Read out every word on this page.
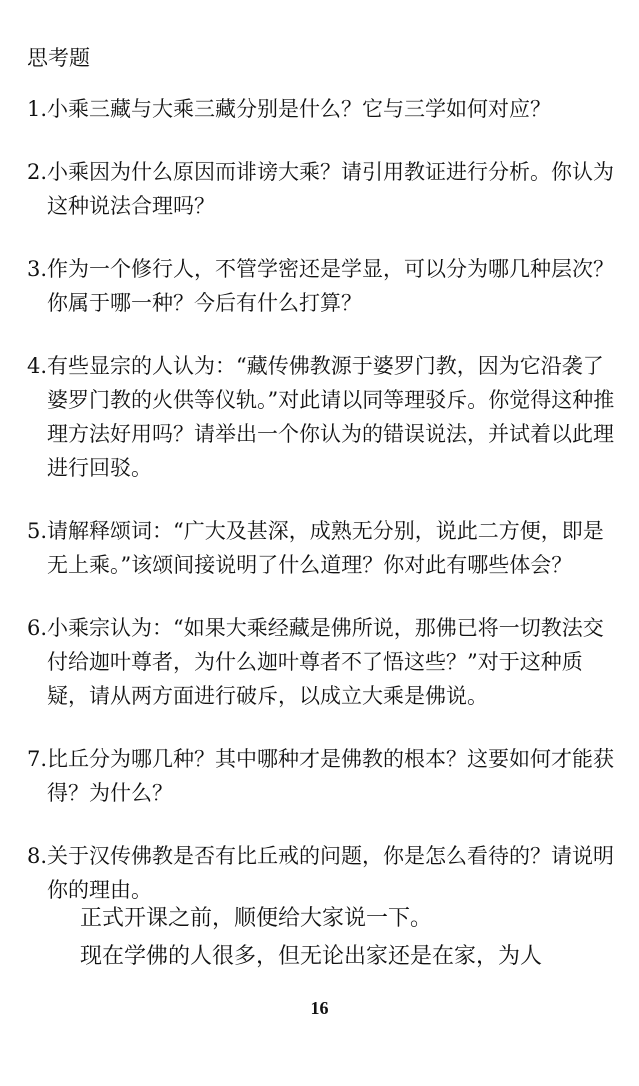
思考题
1. 小乘三藏与大乘三藏分别是什么？它与三学如何对应？
2. 小乘因为什么原因而诽谤大乘？请引用教证进行分析。你认为这种说法合理吗？
3. 作为一个修行人，不管学密还是学显，可以分为哪几种层次？你属于哪一种？今后有什么打算？
4. 有些显宗的人认为：“藏传佛教源于婆罗门教，因为它沿袭了婆罗门教的火供等仪轨。”对此请以同等理驳斥。你觉得这种推理方法好用吗？请举出一个你认为的错误说法，并试着以此理进行回驳。
5. 请解释颂词：“广大及甚深，成熟无分别，说此二方便，即是无上乘。”该颂间接说明了什么道理？你对此有哪些体会？
6. 小乘宗认为：“如果大乘经藏是佛所说，那佛已将一切教法交付给迦叶尊者，为什么迦叶尊者不了悟这些？”对于这种质疑，请从两方面进行破斥，以成立大乘是佛说。
7. 比丘分为哪几种？其中哪种才是佛教的根本？这要如何才能获得？为什么？
8. 关于汉传佛教是否有比丘戒的问题，你是怎么看待的？请说明你的理由。

正式开课之前，顺便给大家说一下。

现在学佛的人很多，但无论出家还是在家，为人

16
